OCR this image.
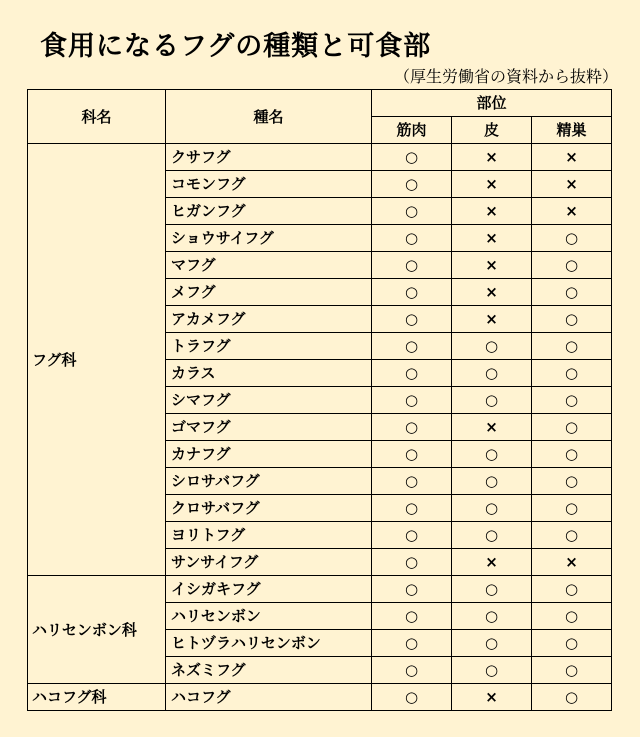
食用になるフグの種類と可食部
（厚生労働省の資料から抜粋）
科名	種名	部位		
		筋肉	皮	精巣
フグ科	クサフグ	○	×	×
	コモンフグ	○	×	×
	ヒガンフグ	○	×	×
	ショウサイフグ	○	×	○
	マフグ	○	×	○
	メフグ	○	×	○
	アカメフグ	○	×	○
	トラフグ	○	○	○
	カラス	○	○	○
	シマフグ	○	○	○
	ゴマフグ	○	×	○
	カナフグ	○	○	○
	シロサバフグ	○	○	○
	クロサバフグ	○	○	○
	ヨリトフグ	○	○	○
	サンサイフグ	○	×	×
ハリセンボン科	イシガキフグ	○	○	○
	ハリセンボン	○	○	○
	ヒトヅラハリセンボン	○	○	○
	ネズミフグ	○	○	○
ハコフグ科	ハコフグ	○	×	○
